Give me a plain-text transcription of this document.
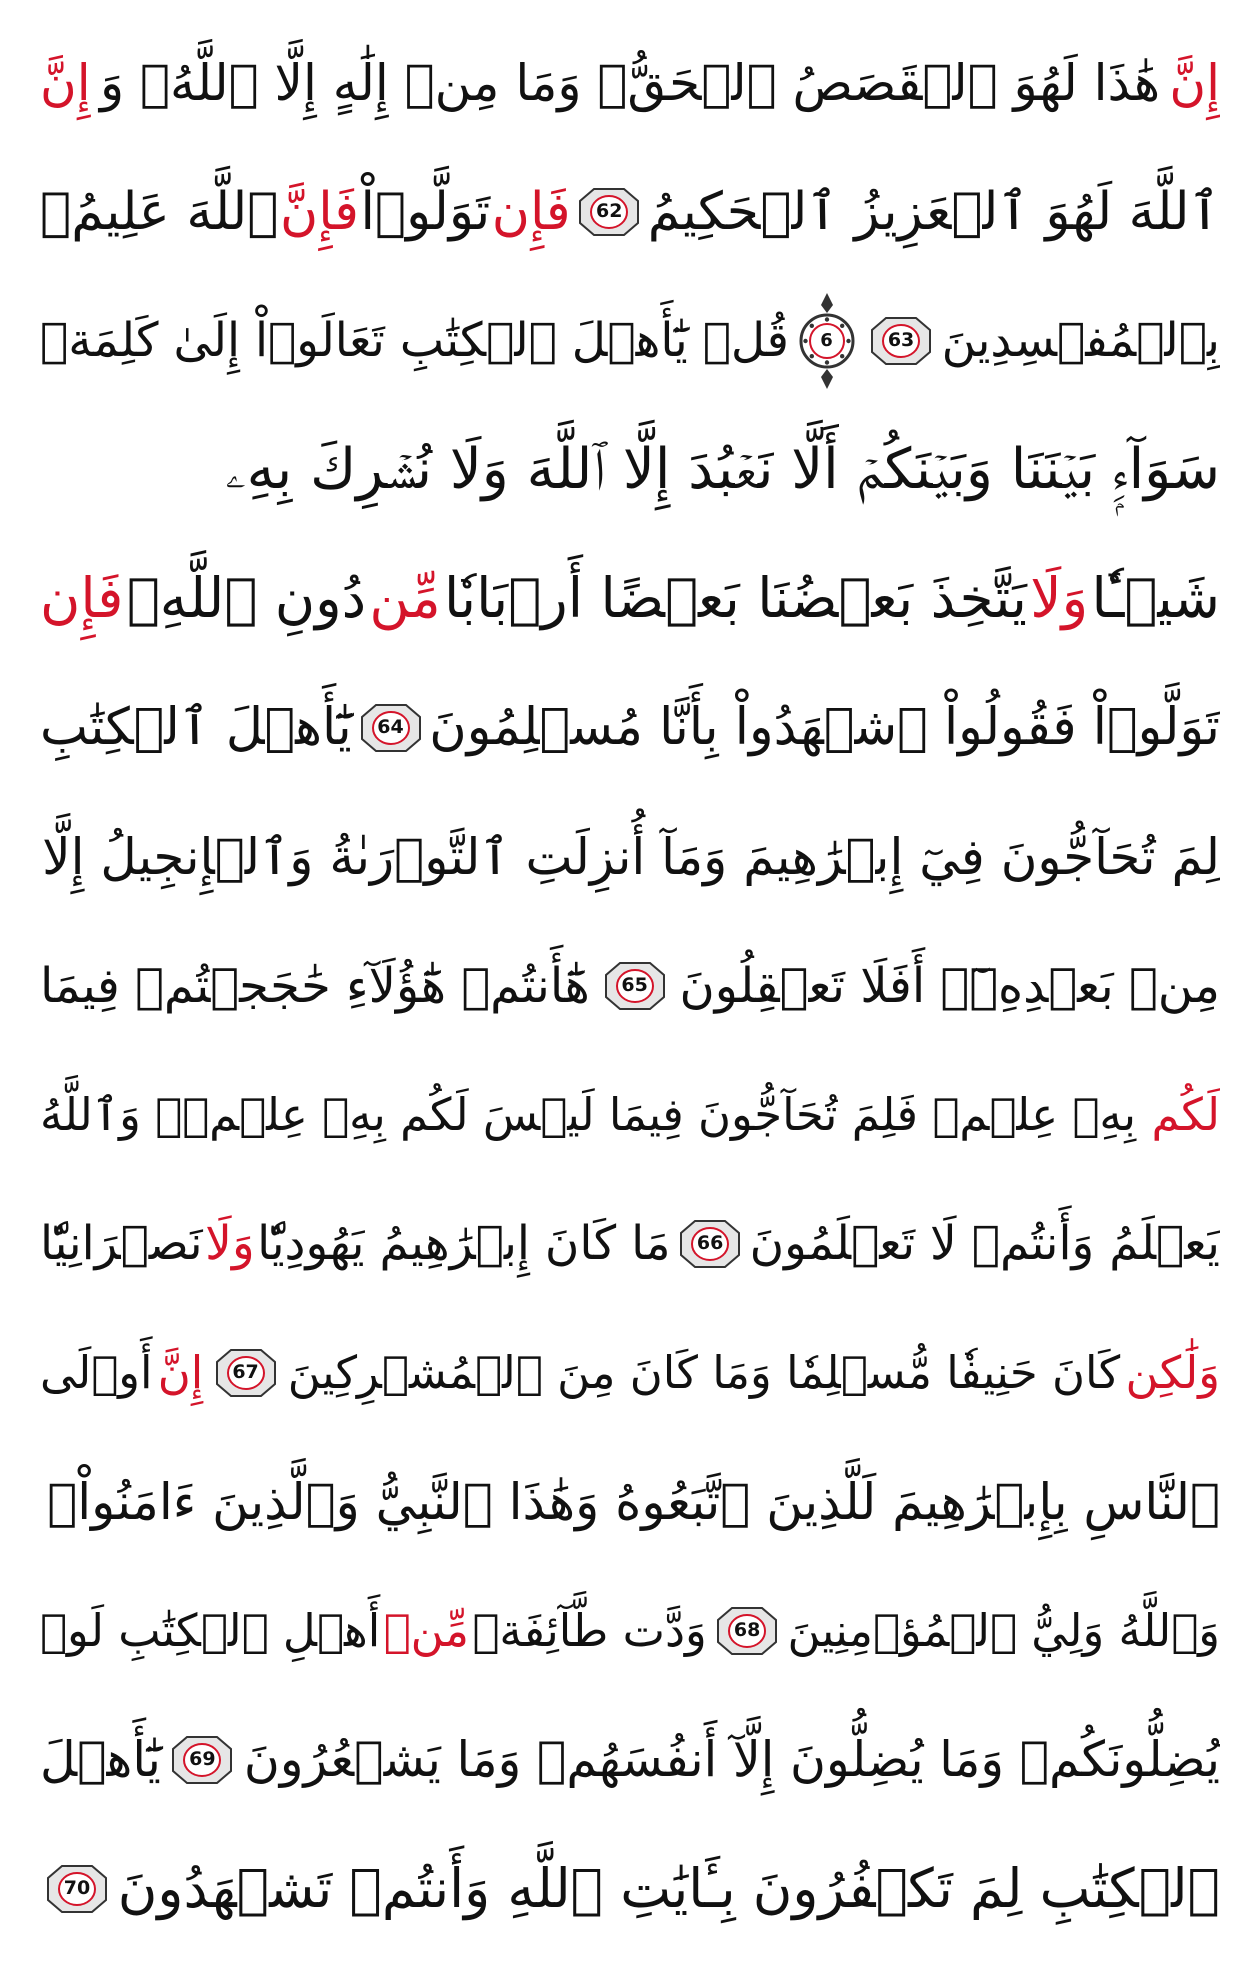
إِنَّ
هَٰذَا لَهُوَ ٱلۡقَصَصُ ٱلۡحَقُّۚ وَمَا مِنۡ إِلَٰهٍ إِلَّا ٱللَّهُۚ وَ
إِنَّ
ٱللَّهَ لَهُوَ ٱلۡعَزِيزُ ٱلۡحَكِيمُ
62
فَإِن
تَوَلَّوۡاْ
فَإِنَّ
ٱللَّهَ عَلِيمُۢ
بِٱلۡمُفۡسِدِينَ
63
6
قُلۡ يَٰٓأَهۡلَ ٱلۡكِتَٰبِ تَعَالَوۡاْ إِلَىٰ كَلِمَةٖ
سَوَآءِۭ بَيۡنَنَا وَبَيۡنَكُمۡ أَلَّا نَعۡبُدَ إِلَّا ٱللَّهَ وَلَا نُشۡرِكَ بِهِۦ
شَيۡـٔٗا
وَلَا
يَتَّخِذَ بَعۡضُنَا بَعۡضًا أَرۡبَابٗا
مِّن
دُونِ ٱللَّهِۚ
فَإِن
تَوَلَّوۡاْ فَقُولُواْ ٱشۡهَدُواْ بِأَنَّا مُسۡلِمُونَ
64
يَٰٓأَهۡلَ ٱلۡكِتَٰبِ
لِمَ تُحَآجُّونَ فِيٓ إِبۡرَٰهِيمَ وَمَآ أُنزِلَتِ ٱلتَّوۡرَىٰةُ وَٱلۡإِنجِيلُ إِلَّا
مِنۢ بَعۡدِهِۦٓۚ أَفَلَا تَعۡقِلُونَ
65
هَٰٓأَنتُمۡ هَٰٓؤُلَآءِ حَٰجَجۡتُمۡ فِيمَا
لَكُم
بِهِۦ عِلۡمٞ فَلِمَ تُحَآجُّونَ فِيمَا لَيۡسَ لَكُم بِهِۦ عِلۡمٞۚ وَٱللَّهُ
يَعۡلَمُ وَأَنتُمۡ لَا تَعۡلَمُونَ
66
مَا كَانَ إِبۡرَٰهِيمُ يَهُودِيّٗا
وَلَا
نَصۡرَانِيّٗا
وَلَٰكِن
كَانَ حَنِيفٗا مُّسۡلِمٗا وَمَا كَانَ مِنَ ٱلۡمُشۡرِكِينَ
67
إِنَّ
أَوۡلَى
ٱلنَّاسِ بِإِبۡرَٰهِيمَ لَلَّذِينَ ٱتَّبَعُوهُ وَهَٰذَا ٱلنَّبِيُّ وَٱلَّذِينَ ءَامَنُواْۗ
وَٱللَّهُ وَلِيُّ ٱلۡمُؤۡمِنِينَ
68
وَدَّت طَّآئِفَةٞ
مِّنۡ
أَهۡلِ ٱلۡكِتَٰبِ لَوۡ
يُضِلُّونَكُمۡ وَمَا يُضِلُّونَ إِلَّآ أَنفُسَهُمۡ وَمَا يَشۡعُرُونَ
69
يَٰٓأَهۡلَ
ٱلۡكِتَٰبِ لِمَ تَكۡفُرُونَ بِـَٔايَٰتِ ٱللَّهِ وَأَنتُمۡ تَشۡهَدُونَ
70
